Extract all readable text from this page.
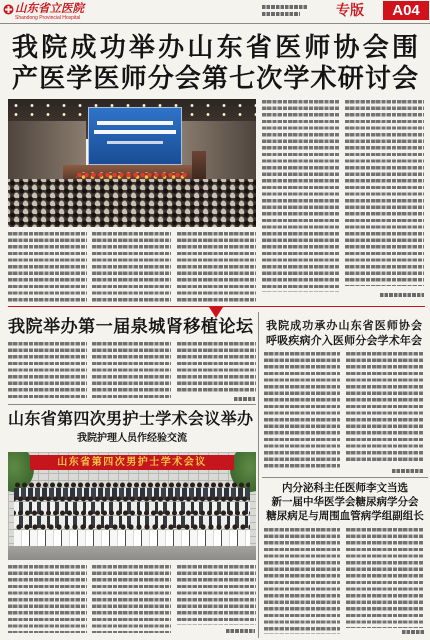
山东省立医院
Shandong Provincial Hospital	专版	A04
我院成功举办山东省医师协会围
产医学医师分会第七次学术研讨会
我院举办第一届泉城肾移植论坛
山东省第四次男护士学术会议举办
我院护理人员作经验交流
山东省第四次男护士学术会议
我院成功承办山东省医师协会
呼吸疾病介入医师分会学术年会
内分泌科主任医师李文当选
新一届中华医学会糖尿病学分会
糖尿病足与周围血管病学组副组长
